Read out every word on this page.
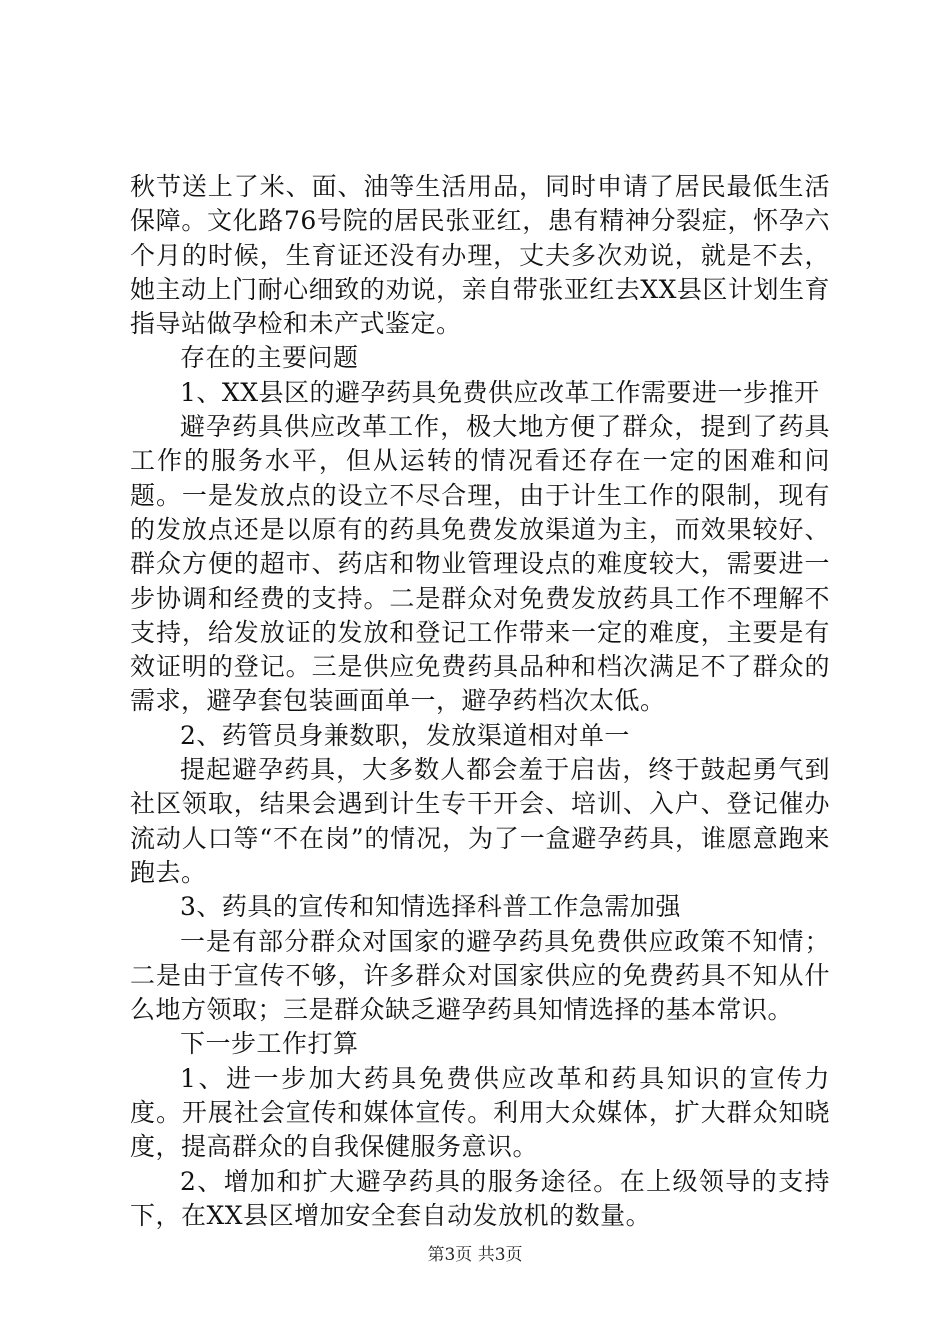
秋节送上了米、面、油等生活用品，同时申请了居民最低生活保障。文化路76号院的居民张亚红，患有精神分裂症，怀孕六个月的时候，生育证还没有办理，丈夫多次劝说，就是不去，她主动上门耐心细致的劝说，亲自带张亚红去XX县区计划生育指导站做孕检和未产式鉴定。

存在的主要问题

1、XX县区的避孕药具免费供应改革工作需要进一步推开

避孕药具供应改革工作，极大地方便了群众，提到了药具工作的服务水平，但从运转的情况看还存在一定的困难和问题。一是发放点的设立不尽合理，由于计生工作的限制，现有的发放点还是以原有的药具免费发放渠道为主，而效果较好、群众方便的超市、药店和物业管理设点的难度较大，需要进一步协调和经费的支持。二是群众对免费发放药具工作不理解不支持，给发放证的发放和登记工作带来一定的难度，主要是有效证明的登记。三是供应免费药具品种和档次满足不了群众的需求，避孕套包装画面单一，避孕药档次太低。

2、药管员身兼数职，发放渠道相对单一

提起避孕药具，大多数人都会羞于启齿，终于鼓起勇气到社区领取，结果会遇到计生专干开会、培训、入户、登记催办流动人口等“不在岗”的情况，为了一盒避孕药具，谁愿意跑来跑去。

3、药具的宣传和知情选择科普工作急需加强

一是有部分群众对国家的避孕药具免费供应政策不知情；二是由于宣传不够，许多群众对国家供应的免费药具不知从什么地方领取；三是群众缺乏避孕药具知情选择的基本常识。

下一步工作打算

1、进一步加大药具免费供应改革和药具知识的宣传力度。开展社会宣传和媒体宣传。利用大众媒体，扩大群众知晓度，提高群众的自我保健服务意识。

2、增加和扩大避孕药具的服务途径。在上级领导的支持下，在XX县区增加安全套自动发放机的数量。

第3页 共3页
